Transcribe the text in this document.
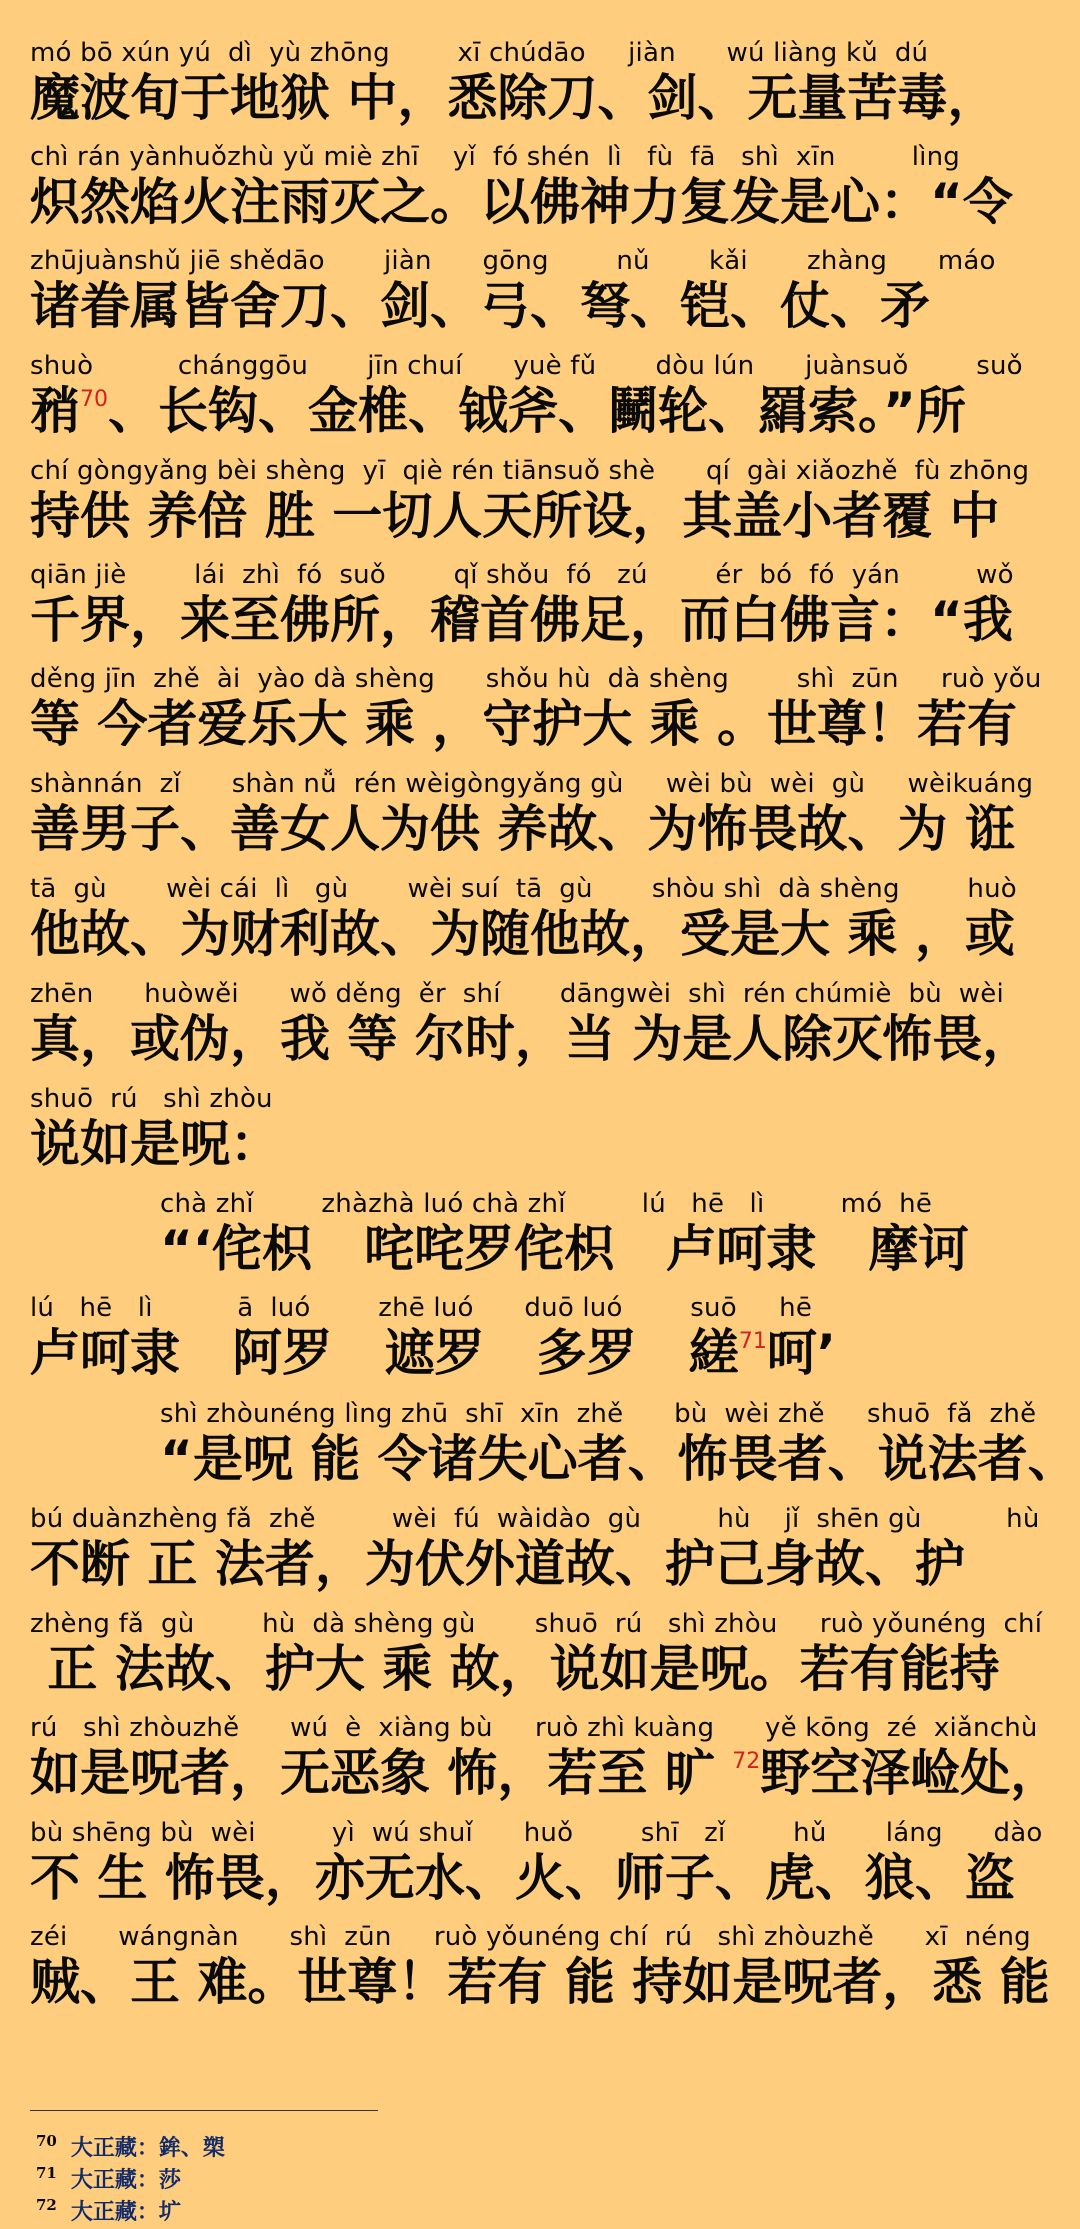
mó bō xún yú  dì  yù zhōng        xī chúdāo     jiàn      wú liàng kǔ  dú
魔波旬于地狱 中，悉除刀、剑、无量苦毒，
chì rán yànhuǒzhù yǔ miè zhī    yǐ  fó shén  lì   fù  fā   shì  xīn         lìng
炽然焰火注雨灭之。以佛神力复发是心：“令
zhūjuànshǔ jiē shědāo       jiàn      gōng        nǔ       kǎi       zhàng      máo
诸眷属皆舍刀、剑、弓、弩、铠、仗、矛
shuò          chánggōu       jīn chuí      yuè fǔ       dòu lún      juànsuǒ        suǒ
矟$^{70}$、长钩、金椎、钺斧、鬭轮、羂索。”所
chí gòngyǎng bèi shèng  yī  qiè rén tiānsuǒ shè      qí  gài xiǎozhě  fù zhōng
持供 养倍 胜 一切人天所设，其盖小者覆 中
qiān jiè        lái  zhì  fó  suǒ        qǐ shǒu  fó   zú        ér  bó  fó  yán         wǒ
千界，来至佛所，稽首佛足，而白佛言：“我
děng jīn  zhě  ài  yào dà shèng      shǒu hù  dà shèng        shì  zūn     ruò yǒu
等 今者爱乐大 乘 ，守护大 乘 。世尊！若有
shànnán  zǐ      shàn nǚ  rén wèigòngyǎng gù     wèi bù  wèi  gù     wèikuáng
善男子、善女人为供 养故、为怖畏故、为 诳
tā  gù       wèi cái  lì   gù       wèi suí  tā  gù       shòu shì  dà shèng        huò
他故、为财利故、为随他故，受是大 乘 ，或
zhēn      huòwěi      wǒ děng  ěr  shí       dāngwèi  shì  rén chúmiè  bù  wèi
真，或伪，我 等 尔时，当 为是人除灭怖畏，
shuō  rú   shì zhòu
说如是呪：
chà zhǐ        zhàzhà luó chà zhǐ         lú   hē   lì         mó  hē
“‘侘枳   咤咤罗侘枳   卢呵隶   摩诃
lú   hē   lì          ā  luó        zhē luó      duō luó        suō     hē
卢呵隶   阿罗   遮罗   多罗   縒$^{71}$呵’
shì zhòunéng lìng zhū  shī  xīn  zhě      bù  wèi zhě     shuō  fǎ  zhě
“是呪 能 令诸失心者、怖畏者、说法者、
bú duànzhèng fǎ  zhě         wèi  fú  wàidào  gù         hù    jǐ  shēn gù          hù
不断 正 法者，为伏外道故、护己身故、护
zhèng fǎ  gù        hù  dà shèng gù       shuō  rú   shì zhòu     ruò yǒunéng  chí
正 法故、护大 乘 故，说如是呪。若有能持
rú   shì zhòuzhě      wú  è  xiàng bù     ruò zhì kuàng      yě kōng  zé  xiǎnchù
如是呪者，无恶象 怖，若至 旷 $^{72}$野空泽崄处，
bù shēng bù  wèi         yì  wú shuǐ      huǒ        shī   zǐ        hǔ       láng      dào
不 生 怖畏，亦无水、火、师子、虎、狼、盗
zéi      wángnàn      shì  zūn     ruò yǒunéng chí  rú   shì zhòuzhě      xī  néng
贼、王 难。世尊！若有 能 持如是呪者，悉 能
$^{70}$ 大正藏：鉾、槊
$^{71}$ 大正藏：莎
$^{72}$ 大正藏：圹
